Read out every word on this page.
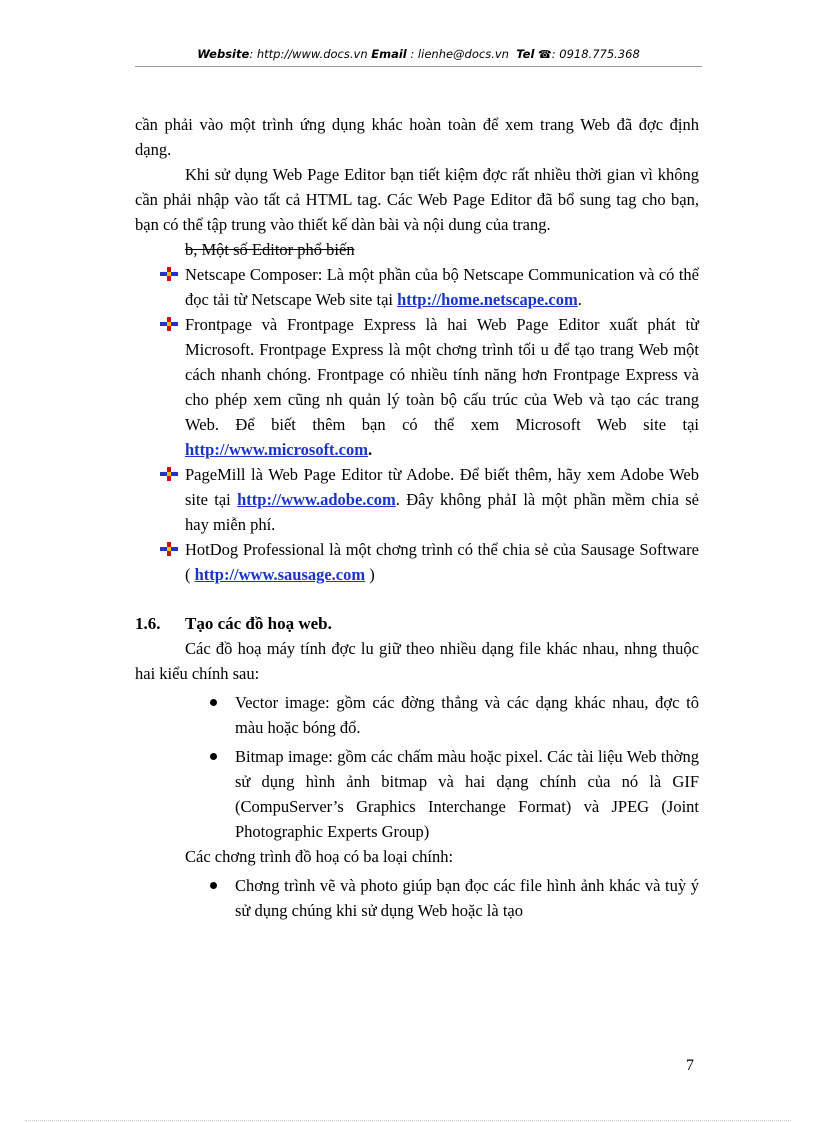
Website: http://www.docs.vn Email : lienhe@docs.vn Tel ☎: 0918.775.368

cần phải vào một trình ứng dụng khác hoàn toàn để xem trang Web đã đợc định dạng.

Khi sử dụng Web Page Editor bạn tiết kiệm đợc rất nhiều thời gian vì không cần phải nhập vào tất cả HTML tag. Các Web Page Editor đã bổ sung tag cho bạn, bạn có thể tập trung vào thiết kế dàn bài và nội dung của trang.

b, Một số Editor phổ biến

Netscape Composer: Là một phần của bộ Netscape Communication và có thể đọc tải từ Netscape Web site tại http://home.netscape.com.
Frontpage và Frontpage Express là hai Web Page Editor xuất phát từ Microsoft. Frontpage Express là một chơng trình tối u để tạo trang Web một cách nhanh chóng. Frontpage có nhiều tính năng hơn Frontpage Express và cho phép xem cũng nh quản lý toàn bộ cấu trúc của Web và tạo các trang Web. Để biết thêm bạn có thể xem Microsoft Web site tại http://www.microsoft.com.
PageMill là Web Page Editor từ Adobe. Để biết thêm, hãy xem Adobe Web site tại http://www.adobe.com. Đây không phảI là một phần mềm chia sẻ hay miễn phí.
HotDog Professional là một chơng trình có thể chia sẻ của Sausage Software ( http://www.sausage.com )
1.6. Tạo các đồ hoạ web.

Các đồ hoạ máy tính đợc lu giữ theo nhiều dạng file khác nhau, nhng thuộc hai kiểu chính sau:

Vector image: gồm các đờng thẳng và các dạng khác nhau, đợc tô màu hoặc bóng đổ.
Bitmap image: gồm các chấm màu hoặc pixel. Các tài liệu Web thờng sử dụng hình ảnh bitmap và hai dạng chính của nó là GIF (CompuServer’s Graphics Interchange Format) và JPEG (Joint Photographic Experts Group)

Các chơng trình đồ hoạ có ba loại chính:

Chơng trình vẽ và photo giúp bạn đọc các file hình ảnh khác và tuỳ ý sử dụng chúng khi sử dụng Web hoặc là tạo
7
